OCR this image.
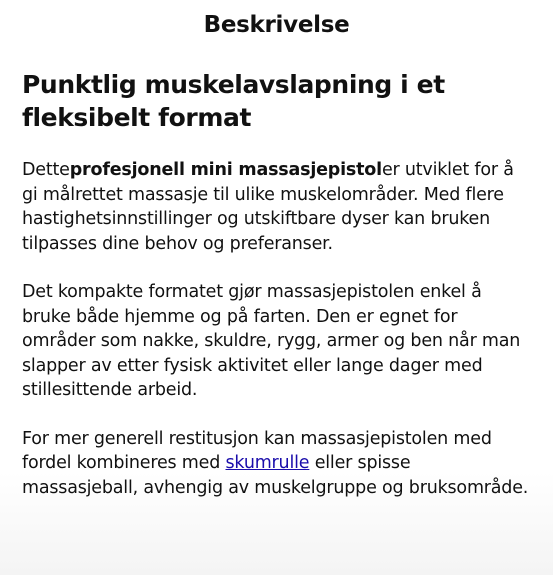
Beskrivelse
Punktlig muskelavslapning i et fleksibelt format

Detteprofesjonell mini massasjepistoler utviklet for å gi målrettet massasje til ulike muskelområder. Med flere hastighetsinnstillinger og utskiftbare dyser kan bruken tilpasses dine behov og preferanser.

Det kompakte formatet gjør massasjepistolen enkel å bruke både hjemme og på farten. Den er egnet for områder som nakke, skuldre, rygg, armer og ben når man slapper av etter fysisk aktivitet eller lange dager med stillesittende arbeid.

For mer generell restitusjon kan massasjepistolen med fordel kombineres med skumrulle eller spisse massasjeball, avhengig av muskelgruppe og bruksområde.
